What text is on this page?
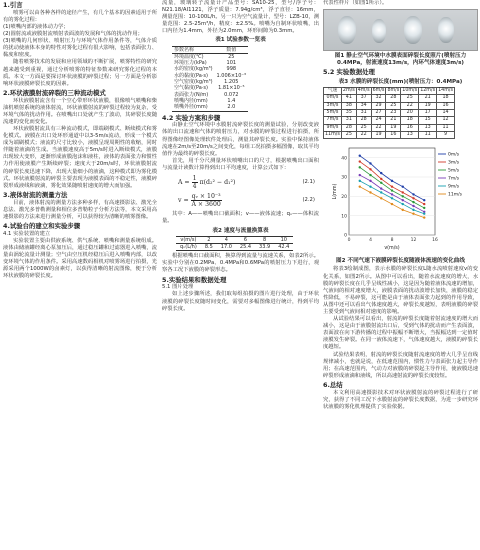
1.引言

喷雾可以由各种各样的途径产生，有几个基本的因素适用于所有的雾化过程：

(1)喷嘴内部的液体动力学；

(2)圆射流或液膜射流喷射表面波的发展和气体的扰动作用；

(3)喷嘴的几何形状、喷射压力与环境气体作用条件等，气体介质的扰动使液体本身的特性对雾化过程有很大影响，包括表面张力、黏度和密度。

随着喷雾技术的发展和应用领域的不断扩展，喷雾特性的研究越来越受到重视，通过分析喷雾的特征参数来研究雾化过程的本质。本文一方面是要探讨环状液膜的碎裂过程；另一方面是分析影响环状液膜碎裂长度的因素。

2.环状液膜射流碎裂的三种流动模式

环状液膜射流含有一个空心带形环状液膜，很像喷气喷嘴和柴油机喷射系统的液体射流，环状液膜射流的碎裂过程较为复杂，受环境气体的扰动作用。在喷嘴出口处就产生了波动，其碎裂长度随流速的变化而变化。

环状液膜射流具有三种流动模式，即端刷模式、断续模式和雾化模式。液膜在出口处环形通道中以3-5m/s流动，形成一个模式成为端刷模式；液流的尺寸比较小，液膜呈现周期性的收缩，同时伴随着液滴的生成。当液膜速度高于5m/s时进入断续模式，液膜出现较大变形，逐渐形成液膜泡沫和液柱，液体的表面张力和惯性力作用使液膜产生断续碎裂；速度大于20m/s时，环状液膜射流的碎裂长度迅速下降，出现大量细小的液滴，这种模式即为雾化模式。环状液膜射流的碎裂主要表现为液膜表面的不稳定性，液膜碎裂形成液线和液滴，雾化效果随喷射速度的增大而加强。

3.液体射流的测量方法

目前，液体射流的测量方法多种多样，有高速摄影法、激光全息法、激光多普勒测量和相位多普勒粒子分析方法等，本文采用高速摄影的方法来进行测量分析，可以获得较为清晰的喷雾图像。

4.试验台的建立和实验步骤

4.1 实验装置的建立

实验装置主要由供液系统、供气系统、喷嘴和测量系统组成。液体由储液罐经离心泵加压后，通过稳压罐和过滤器进入喷嘴，流量由涡轮流量计测量；空气由空压机经稳压后进入喷嘴内部，以改变环境气体的作用条件。采用高速数码相机对喷雾场进行拍摄，光源采用两个1000W的卤素灯，以获得清晰的射流图像，便于分析环状液膜的碎裂长度。

流量，玻璃转子流量计产品型号：SA10-25，型号/浮子号：N21.18/AI1121，浮子质量：7.94g/cm³，浮子直径：16mm，测量范围：10-100L/h。另一只为空气流量计，型号：LZB-10，测量范围：2.5-25m³/h，精度：±2.5%。喷嘴为自制环状喷嘴，出口内径为1.4mm，外径为2.0mm，环形间隙为0.3mm。

表1 试验参数一览表
参数名称	数值
环境温度(℃)	25
环境压力(kPa)	101
水的密度(kg/m³)	998
水的黏度(Pa·s)	1.006×10⁻³
空气密度(kg/m³)	1.205
空气黏度(Pa·s)	1.81×10⁻⁵
表面张力(N/m)	0.072
喷嘴内径(mm)	1.4
喷嘴外径(mm)	2.0
4.2 实验方案和步骤

由静止空气环境中水膜射流碎裂长度的测量试验，分别改变液体的出口流速和气体的喷射压力，对水膜的碎裂过程进行拍摄，所得图像经图像处理软件处理后，测量其碎裂长度。实验中保持液体流速在2m/s至20m/s之间变化，每组工况拍摄多幅图像，取其平均值作为最终的碎裂长度。

首先，用千分尺测量环状喷嘴出口的尺寸，根据喷嘴出口面积与流量计读数计算得到出口平均速度，计算公式如下：

$A = \frac{1}{4} \pi(d_2^2 - d_1^2)$	(2.1)
$v = \frac{\text{qᵥ × 10⁻³}}{A \times 3600}$	(2.2)

其中：A——喷嘴出口截面积；v——液体流速；qᵥ——体积流量。

表2 速度与流量换算表
v(m/s)	2	4	6	8	10
qᵥ(L/h)	8.5	17.0	25.4	33.9	42.4

根据喷嘴出口截面积，换算得到流量与流速关系，如表2所示。实验中分别在0.2MPa、0.4MPa和0.6MPa的喷射压力下进行，观察各工况下液膜的碎裂形态。

5.实验结果和数据处理

5.1 图片处理

如上述步骤所述，我们取每组拍摄的图片进行处理，由于环状液膜的碎裂长度随时间变化，需要对多幅图像进行统计，得到平均碎裂长度。

代表性样片（如图1所示）。

图1 静止空气环境中水膜表面碎裂长度照片(喷射压力0.4MPa，射流速度13m/s，内环气体速度3m/s)
5.2 实验数据处理
表3 水膜的碎裂长度(mm)(喷射压力：0.4MPa)
气速	2m/s	4m/s	6m/s	8m/s	10m/s	12m/s	14m/s
0m/s	41	37	32	28	25	21	18
3m/s	38	34	29	25	22	19	16
5m/s	35	31	27	23	20	17	14
7m/s	31	28	24	21	18	15	12
9m/s	28	25	22	19	16	13	11
11m/s	25	22	19	16	13	11	9
0
10
20
30
40
0	4	8	12	16
v(m/s)
L(mm)
0m/s
3m/s
5m/s
7m/s
9m/s
11m/s
图2 不同气速下液膜碎裂长度随液体流速的变化曲线

将表3绘制成图，表示水膜的碎裂长度L随水流喷射速度v的变化关系，如图2所示。从图中可以看出，随着水流速度的增大，水膜的碎裂长度在几乎呈线性减小，这是因为随着液体流速的增加，气液间的相对速度增大，液膜表面的扰动波增长加快，液膜的稳定性降低，不易碎裂，这可能是由于液体表面张力起到的作用导致，从图中还可以看出气体速度越大，碎裂长度越短，表明液膜的碎裂主要受到气液间相对速度的影响。

从试验结果可以看出，射流的碎裂长度随着射流速度的增大而减小，这是由于液膜射流出口后，受到气体的扰动而产生表面波，表面波在向下游传播的过程中振幅不断增大，当振幅达到一定值时液膜发生碎裂。在同一液体流速下，气体速度越大，液膜的碎裂长度越短。

试验结果表明，射流的碎裂长度随射流速度的增大几乎呈直线规律减小，也就是说，在低速范围内，惯性力与表面张力起主导作用；在高速范围内，气动力对液膜的碎裂起主导作用，使液膜迅速碎裂形成液滴和液线，所以高速射流的碎裂长度较短。

6.总结

本文利用高速摄影技术对环状液膜射流的碎裂过程进行了研究，获得了不同工况下水膜射流的碎裂长度数据，为进一步研究环状液膜的雾化机理提供了实验依据。
